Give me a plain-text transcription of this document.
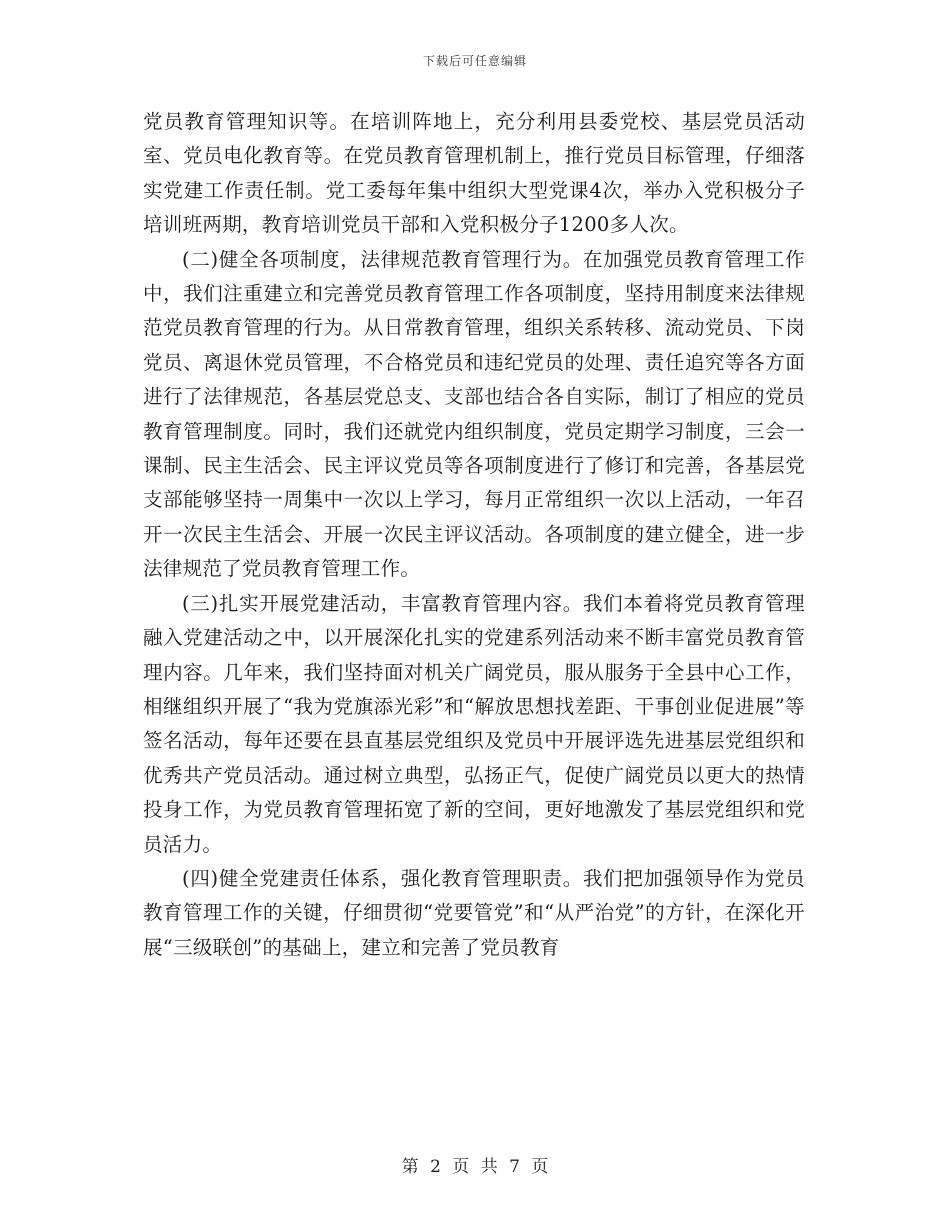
下载后可任意编辑

党员教育管理知识等。在培训阵地上，充分利用县委党校、基层党员活动室、党员电化教育等。在党员教育管理机制上，推行党员目标管理，仔细落实党建工作责任制。党工委每年集中组织大型党课4次，举办入党积极分子培训班两期，教育培训党员干部和入党积极分子1200多人次。

(二)健全各项制度，法律规范教育管理行为。在加强党员教育管理工作中，我们注重建立和完善党员教育管理工作各项制度，坚持用制度来法律规范党员教育管理的行为。从日常教育管理，组织关系转移、流动党员、下岗党员、离退休党员管理，不合格党员和违纪党员的处理、责任追究等各方面进行了法律规范，各基层党总支、支部也结合各自实际，制订了相应的党员教育管理制度。同时，我们还就党内组织制度，党员定期学习制度，三会一课制、民主生活会、民主评议党员等各项制度进行了修订和完善，各基层党支部能够坚持一周集中一次以上学习，每月正常组织一次以上活动，一年召开一次民主生活会、开展一次民主评议活动。各项制度的建立健全，进一步法律规范了党员教育管理工作。

(三)扎实开展党建活动，丰富教育管理内容。我们本着将党员教育管理融入党建活动之中，以开展深化扎实的党建系列活动来不断丰富党员教育管理内容。几年来，我们坚持面对机关广阔党员，服从服务于全县中心工作，相继组织开展了“我为党旗添光彩”和“解放思想找差距、干事创业促进展”等签名活动，每年还要在县直基层党组织及党员中开展评选先进基层党组织和优秀共产党员活动。通过树立典型，弘扬正气，促使广阔党员以更大的热情投身工作，为党员教育管理拓宽了新的空间，更好地激发了基层党组织和党员活力。

(四)健全党建责任体系，强化教育管理职责。我们把加强领导作为党员教育管理工作的关键，仔细贯彻“党要管党”和“从严治党”的方针，在深化开展“三级联创”的基础上，建立和完善了党员教育

第 2 页 共 7 页
